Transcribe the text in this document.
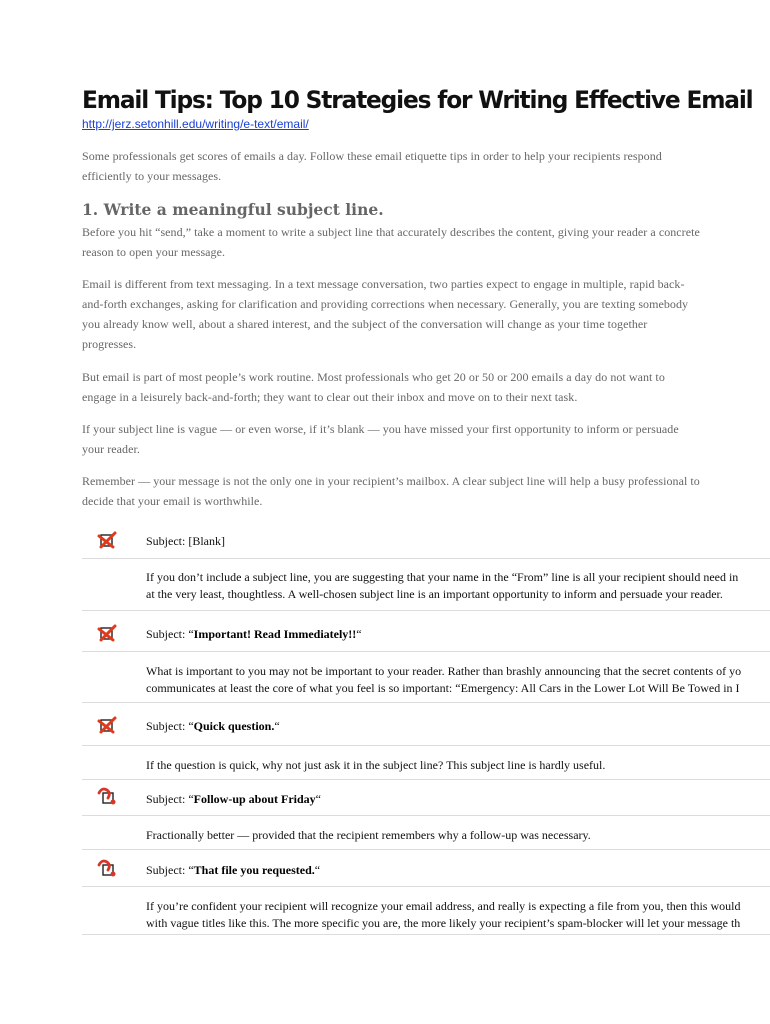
Email Tips: Top 10 Strategies for Writing Effective Email
http://jerz.setonhill.edu/writing/e-text/email/

Some professionals get scores of emails a day. Follow these email etiquette tips in order to help your recipients respond efficiently to your messages.

1. Write a meaningful subject line.

Before you hit “send,” take a moment to write a subject line that accurately describes the content, giving your reader a concrete reason to open your message.

Email is different from text messaging. In a text message conversation, two parties expect to engage in multiple, rapid back-and-forth exchanges, asking for clarification and providing corrections when necessary. Generally, you are texting somebody you already know well, about a shared interest, and the subject of the conversation will change as your time together progresses.

But email is part of most people’s work routine. Most professionals who get 20 or 50 or 200 emails a day do not want to engage in a leisurely back-and-forth; they want to clear out their inbox and move on to their next task.

If your subject line is vague — or even worse, if it’s blank — you have missed your first opportunity to inform or persuade your reader.

Remember — your message is not the only one in your recipient’s mailbox. A clear subject line will help a busy professional to decide that your email is worthwhile.

Subject: [Blank]
If you don’t include a subject line, you are suggesting that your name in the “From” line is all your recipient should need in
at the very least, thoughtless. A well-chosen subject line is an important opportunity to inform and persuade your reader.
Subject: “Important! Read Immediately!!“
What is important to you may not be important to your reader. Rather than brashly announcing that the secret contents of yo
communicates at least the core of what you feel is so important: “Emergency: All Cars in the Lower Lot Will Be Towed in I
Subject: “Quick question.“
If the question is quick, why not just ask it in the subject line? This subject line is hardly useful.
Subject: “Follow-up about Friday“
Fractionally better — provided that the recipient remembers why a follow-up was necessary.
Subject: “That file you requested.“
If you’re confident your recipient will recognize your email address, and really is expecting a file from you, then this would
with vague titles like this. The more specific you are, the more likely your recipient’s spam-blocker will let your message th
